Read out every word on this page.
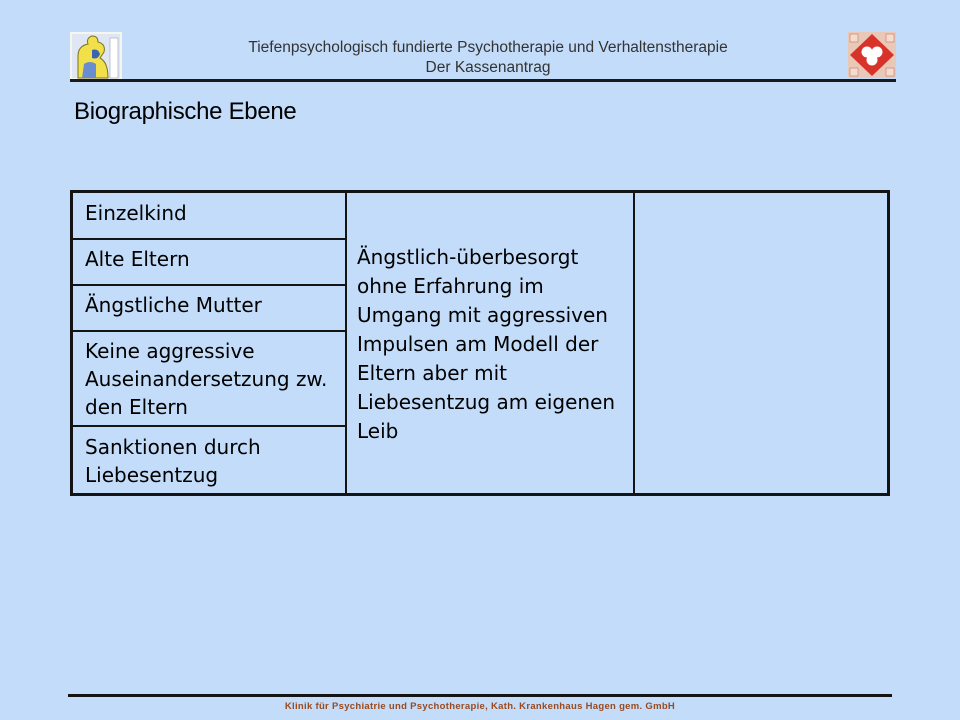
Tiefenpsychologisch fundierte Psychotherapie und Verhaltenstherapie
Der Kassenantrag
Biographische Ebene
Einzelkind
Alte Eltern
Ängstliche Mutter
Keine aggressive Auseinandersetzung zw. den Eltern
Sanktionen durch Liebesentzug
Ängstlich-überbesorgt ohne Erfahrung im Umgang mit aggressiven Impulsen am Modell der Eltern aber mit Liebesentzug am eigenen Leib
Klinik für Psychiatrie und Psychotherapie, Kath. Krankenhaus Hagen gem. GmbH
